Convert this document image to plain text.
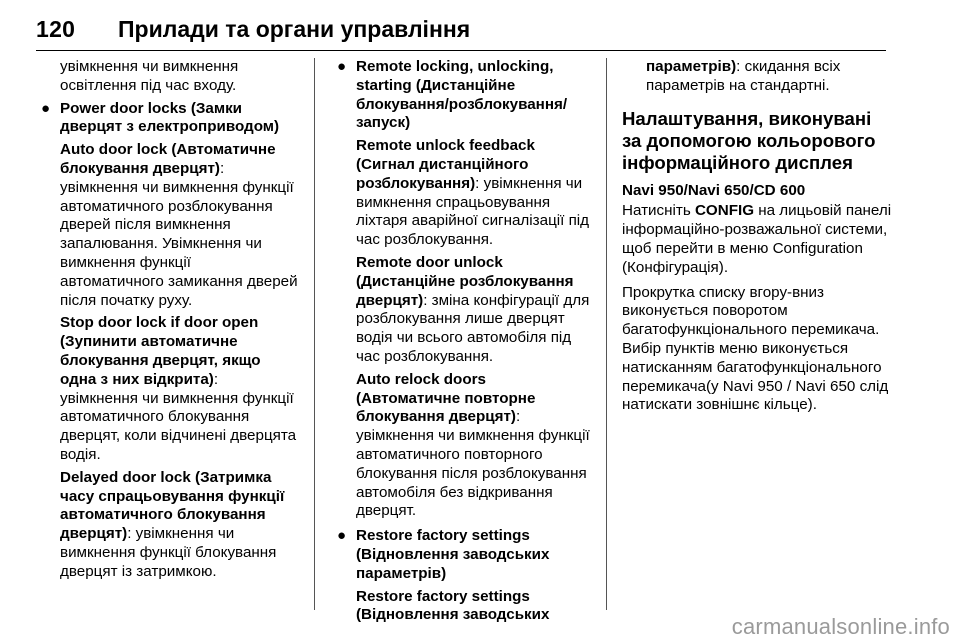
120 Прилади та органи управління
увімкнення чи вимкнення освітлення під час входу.
● Power door locks (Замки дверцят з електроприводом)
Auto door lock (Автоматичне блокування дверцят): увімкнення чи вимкнення функції автоматичного розблокування дверей після вимкнення запалювання. Увімкнення чи вимкнення функції автоматичного замикання дверей після початку руху.
Stop door lock if door open (Зупинити автоматичне блокування дверцят, якщо одна з них відкрита): увімкнення чи вимкнення функції автоматичного блокування дверцят, коли відчинені дверцята водія.
Delayed door lock (Затримка часу спрацьовування функції автоматичного блокування дверцят): увімкнення чи вимкнення функції блокування дверцят із затримкою.
● Remote locking, unlocking, starting (Дистанційне блокування/розблокування/запуск)
Remote unlock feedback (Сигнал дистанційного розблокування): увімкнення чи вимкнення спрацьовування ліхтаря аварійної сигналізації під час розблокування.
Remote door unlock (Дистанційне розблокування дверцят): зміна конфігурації для розблокування лише дверцят водія чи всього автомобіля під час розблокування.
Auto relock doors (Автоматичне повторне блокування дверцят): увімкнення чи вимкнення функції автоматичного повторного блокування після розблокування автомобіля без відкривання дверцят.
● Restore factory settings (Відновлення заводських параметрів)
Restore factory settings (Відновлення заводських
параметрів): скидання всіх параметрів на стандартні.
Налаштування, виконувані за допомогою кольорового інформаційного дисплея
Navi 950/Navi 650/CD 600
Натисніть CONFIG на лицьовій панелі інформаційно-розважальної системи, щоб перейти в меню Configuration (Конфігурація).
Прокрутка списку вгору-вниз виконується поворотом багатофункціонального перемикача. Вибір пунктів меню виконується натисканням багатофункціонального перемикача(у Navi 950 / Navi 650 слід натискати зовнішнє кільце).
carmanualsonline.info
